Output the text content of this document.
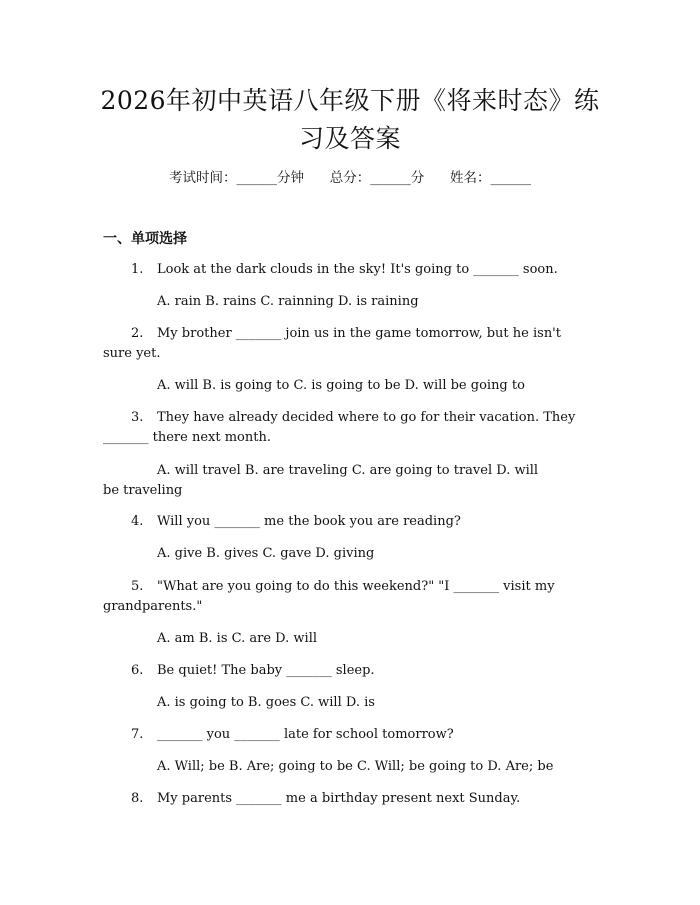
2026年初中英语八年级下册《将来时态》练
习及答案
考试时间：______分钟 总分：______分 姓名：______
一、单项选择
1. Look at the dark clouds in the sky! It's going to _______ soon.
A. rain B. rains C. rainning D. is raining
2. My brother _______ join us in the game tomorrow, but he isn't
sure yet.
A. will B. is going to C. is going to be D. will be going to
3. They have already decided where to go for their vacation. They
_______ there next month.
A. will travel B. are traveling C. are going to travel D. will
be traveling
4. Will you _______ me the book you are reading?
A. give B. gives C. gave D. giving
5. "What are you going to do this weekend?" "I _______ visit my
grandparents."
A. am B. is C. are D. will
6. Be quiet! The baby _______ sleep.
A. is going to B. goes C. will D. is
7. _______ you _______ late for school tomorrow?
A. Will; be B. Are; going to be C. Will; be going to D. Are; be
8. My parents _______ me a birthday present next Sunday.
